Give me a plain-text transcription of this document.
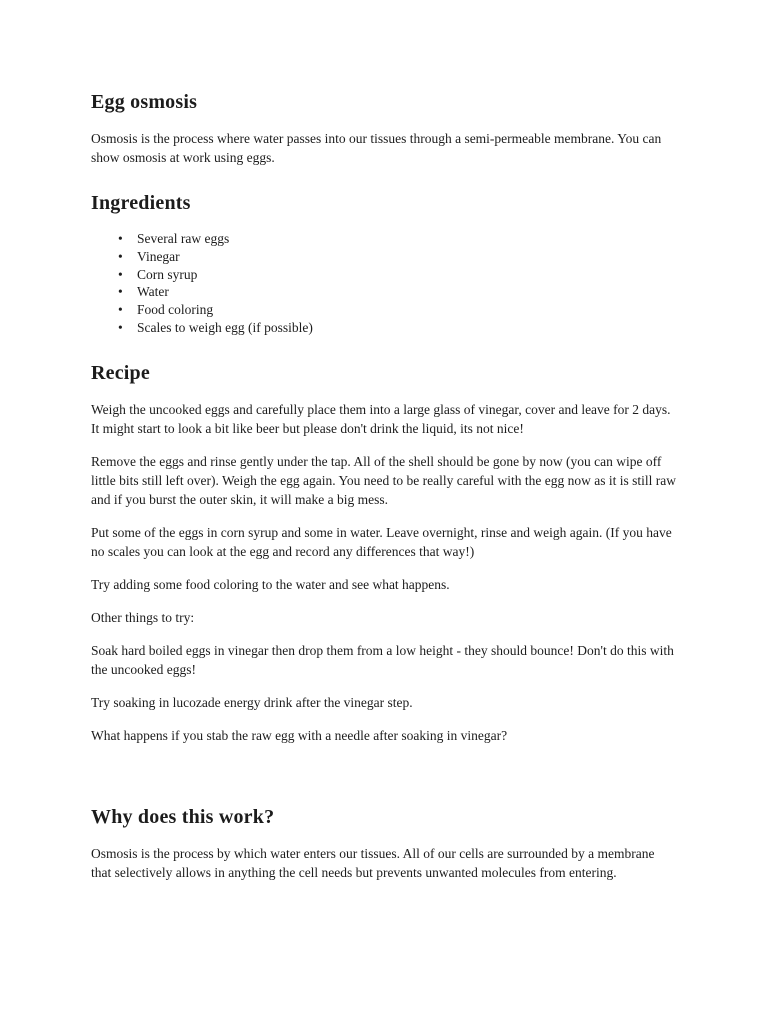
Egg osmosis

Osmosis is the process where water passes into our tissues through a semi-permeable membrane. You can show osmosis at work using eggs.

Ingredients
• Several raw eggs
• Vinegar
• Corn syrup
• Water
• Food coloring
• Scales to weigh egg (if possible)
Recipe

Weigh the uncooked eggs and carefully place them into a large glass of vinegar, cover and leave for 2 days. It might start to look a bit like beer but please don't drink the liquid, its not nice!

Remove the eggs and rinse gently under the tap. All of the shell should be gone by now (you can wipe off little bits still left over). Weigh the egg again. You need to be really careful with the egg now as it is still raw and if you burst the outer skin, it will make a big mess.

Put some of the eggs in corn syrup and some in water. Leave overnight, rinse and weigh again. (If you have no scales you can look at the egg and record any differences that way!)

Try adding some food coloring to the water and see what happens.

Other things to try:

Soak hard boiled eggs in vinegar then drop them from a low height - they should bounce! Don't do this with the uncooked eggs!

Try soaking in lucozade energy drink after the vinegar step.

What happens if you stab the raw egg with a needle after soaking in vinegar?

Why does this work?

Osmosis is the process by which water enters our tissues. All of our cells are surrounded by a membrane that selectively allows in anything the cell needs but prevents unwanted molecules from entering.
